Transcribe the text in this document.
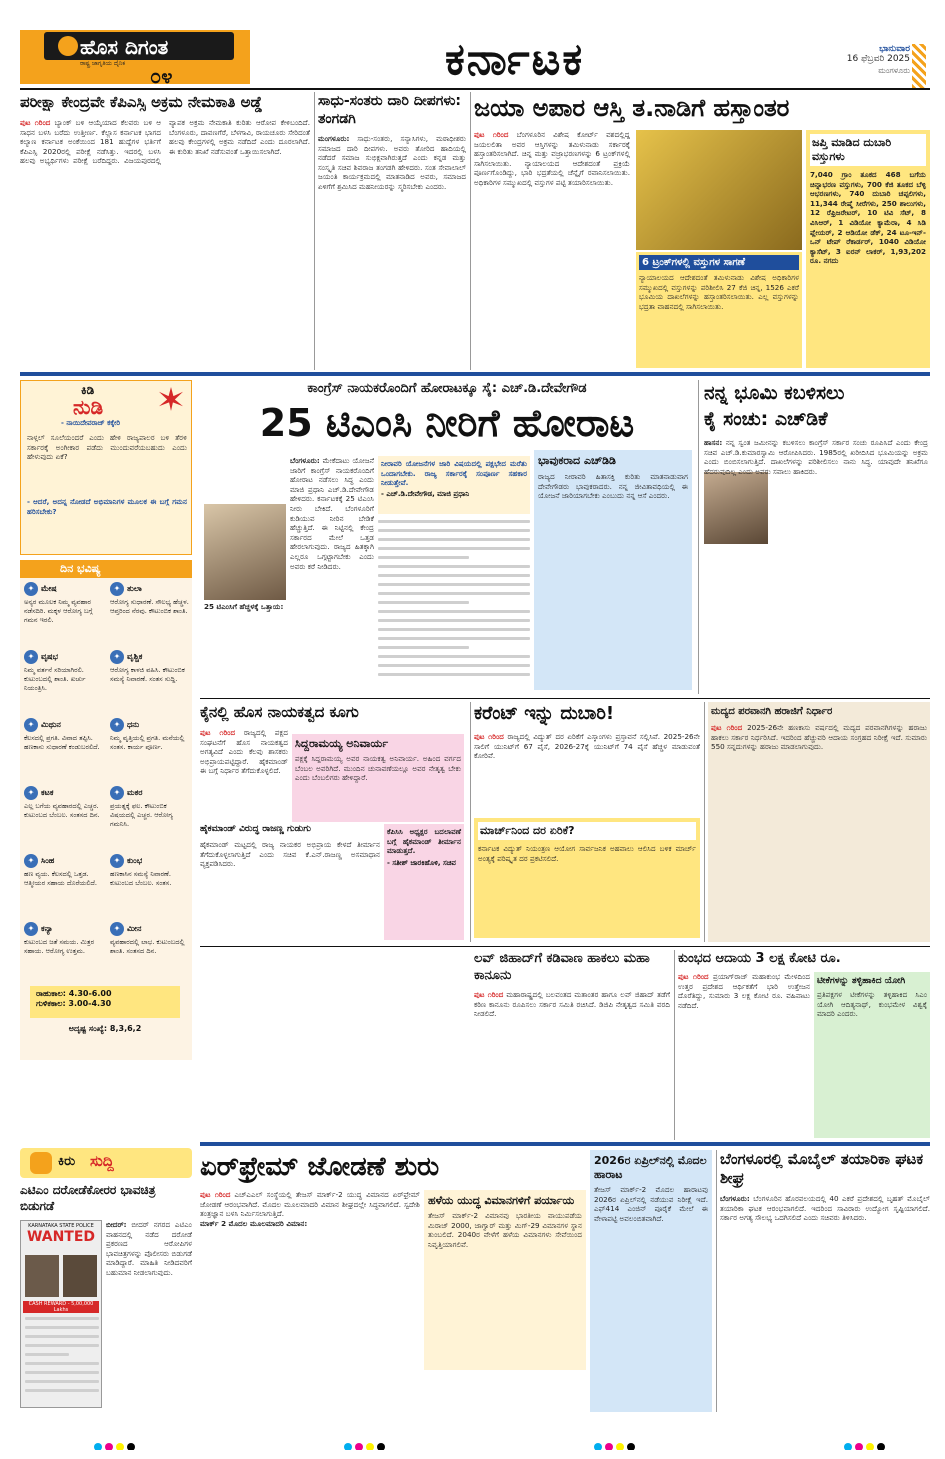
ಹೊಸ ದಿಗಂತ
ರಾಷ್ಟ್ರ ಜಾಗೃತಿಯ ದೈನಿಕ
೦೪	ಕರ್ನಾಟಕ	ಭಾನುವಾರ
16 ಫೆಬ್ರವರಿ 2025
ಮಂಗಳೂರು
ಪರೀಕ್ಷಾ ಕೇಂದ್ರವೇ ಕೆಪಿಎಸ್ಸಿ ಅಕ್ರಮ ನೇಮಕಾತಿ ಅಡ್ಡೆ
ಪುಟ ೧ರಿಂದ ಬ್ಯಾಂಕ್ ಬಳಿ ಆಯ್ಕೆಯಾದ ಕೆಲವರು ಬಳಿ ಆ ಸಾಧನ ಬಳಸಿ ಬರೆದು ಉತ್ತೀರ್ಣ. ಕೆಲ್ಲಾಸ ಕರ್ನಾಟಕ ಭಾಗದ ಕಲ್ಯಾಣ ಕರ್ನಾಟಕ ಅಂಕೆಯಿಂದ 181 ಹುದ್ದೆಗಳ ಭರ್ತಿಗೆ ಕೆಪಿಎಸ್ಸಿ 2020ರಲ್ಲಿ ಪರೀಕ್ಷೆ ನಡೆಸಿತ್ತು. ಇದರಲ್ಲಿ ಬಳಸಿ ಹಲವು ಅಭ್ಯರ್ಥಿಗಳು ಪರೀಕ್ಷೆ ಬರೆದಿದ್ದರು. ವಿಜಯಪುರದಲ್ಲಿ ವ್ಯಾಪಕ ಅಕ್ರಮ ನೇಮಕಾತಿ ಕುರಿತು ಆರೋಪ ಕೇಳಿಬಂದಿದೆ. ಬೆಂಗಳೂರು, ದಾವಣಗೆರೆ, ಬೆಳಗಾವಿ, ರಾಯಚೂರು ಸೇರಿದಂತೆ ಹಲವು ಕೇಂದ್ರಗಳಲ್ಲಿ ಅಕ್ರಮ ನಡೆದಿದೆ ಎಂದು ದೂರಲಾಗಿದೆ. ಈ ಕುರಿತು ತನಿಖೆ ನಡೆಸುವಂತೆ ಒತ್ತಾಯಿಸಲಾಗಿದೆ.
ಸಾಧು-ಸಂತರು ದಾರಿ ದೀಪಗಳು: ತಂಗಡಗಿ
ಮಂಗಳೂರು: ಸಾಧು-ಸಂತರು, ಸನ್ಯಾಸಿಗಳು, ಮಠಾಧೀಶರು ಸಮಾಜದ ದಾರಿ ದೀಪಗಳು. ಅವರು ತೋರಿದ ಹಾದಿಯಲ್ಲಿ ನಡೆದರೆ ಸಮಾಜ ಸುಭಿಕ್ಷವಾಗಿರುತ್ತದೆ ಎಂದು ಕನ್ನಡ ಮತ್ತು ಸಂಸ್ಕೃತಿ ಸಚಿವ ಶಿವರಾಜ ತಂಗಡಗಿ ಹೇಳಿದರು. ಸಂತ ಸೇವಾಲಾಲ್ ಜಯಂತಿ ಕಾರ್ಯಕ್ರಮದಲ್ಲಿ ಮಾತನಾಡಿದ ಅವರು, ಸಮಾಜದ ಏಳಿಗೆಗೆ ಶ್ರಮಿಸಿದ ಮಹನೀಯರನ್ನು ಸ್ಮರಿಸಬೇಕು ಎಂದರು.
ಜಯಾ ಅಪಾರ ಆಸ್ತಿ ತ.ನಾಡಿಗೆ ಹಸ್ತಾಂತರ
ಪುಟ ೧ರಿಂದ ಬೆಂಗಳೂರಿನ ವಿಶೇಷ ಕೋರ್ಟ್ ವಶದಲ್ಲಿದ್ದ ಜಯಲಲಿತಾ ಅವರ ಆಸ್ತಿಗಳನ್ನು ತಮಿಳುನಾಡು ಸರ್ಕಾರಕ್ಕೆ ಹಸ್ತಾಂತರಿಸಲಾಗಿದೆ. ಚಿನ್ನ ಮತ್ತು ವಜ್ರಾಭರಣಗಳನ್ನು 6 ಟ್ರಂಕ್‌ಗಳಲ್ಲಿ ಸಾಗಿಸಲಾಯಿತು. ನ್ಯಾಯಾಲಯದ ಆದೇಶದಂತೆ ಪ್ರಕ್ರಿಯೆ ಪೂರ್ಣಗೊಂಡಿದ್ದು, ಭಾರಿ ಭದ್ರತೆಯಲ್ಲಿ ಚೆನ್ನೈಗೆ ರವಾನಿಸಲಾಯಿತು. ಅಧಿಕಾರಿಗಳ ಸಮ್ಮುಖದಲ್ಲಿ ವಸ್ತುಗಳ ಪಟ್ಟಿ ತಯಾರಿಸಲಾಯಿತು.
6 ಟ್ರಂಕ್‌ಗಳಲ್ಲಿ ವಸ್ತುಗಳ ಸಾಗಣೆ
ನ್ಯಾಯಾಲಯದ ಆದೇಶದಂತೆ ತಮಿಳುನಾಡು ವಿಶೇಷ ಅಧಿಕಾರಿಗಳ ಸಮ್ಮುಖದಲ್ಲಿ ವಸ್ತುಗಳನ್ನು ಪರಿಶೀಲಿಸಿ 27 ಕೆಜಿ ಚಿನ್ನ, 1526 ಎಕರೆ ಭೂಮಿಯ ದಾಖಲೆಗಳನ್ನು ಹಸ್ತಾಂತರಿಸಲಾಯಿತು. ಎಲ್ಲ ವಸ್ತುಗಳನ್ನು ಭದ್ರತಾ ವಾಹನದಲ್ಲಿ ಸಾಗಿಸಲಾಯಿತು.
ಜಪ್ತಿ ಮಾಡಿದ ದುಬಾರಿ ವಸ್ತುಗಳು
7,040 ಗ್ರಾಂ ತೂಕದ 468 ಬಗೆಯ ಚಿನ್ನಾಭರಣ ವಸ್ತುಗಳು, 700 ಕೆಜಿ ತೂಕದ ಬೆಳ್ಳಿ ಆಭರಣಗಳು, 740 ದುಬಾರಿ ಚಪ್ಪಲಿಗಳು, 11,344 ರೇಷ್ಮೆ ಸೀರೆಗಳು, 250 ಶಾಲುಗಳು, 12 ರೆಫ್ರಿಜರೇಟರ್, 10 ಟಿವಿ ಸೆಟ್, 8 ವಿಸಿಆರ್, 1 ವಿಡಿಯೋ ಕ್ಯಾಮೆರಾ, 4 ಸಿಡಿ ಪ್ಲೇಯರ್, 2 ಆಡಿಯೋ ಡೆಕ್, 24 ಟೂ-ಇನ್-ಒನ್ ಟೇಪ್ ರೆಕಾರ್ಡರ್, 1040 ವಿಡಿಯೋ ಕ್ಯಾಸೆಟ್, 3 ಐರನ್ ಲಾಕರ್, 1,93,202 ರೂ. ನಗದು
ಕಿಡಿ
ನುಡಿ
- ನಾಯಿದೇವರಾಜ್ ಕಕ್ಕೇರಿ
ನಾಳ್ಗಲ್ ಸೂಲೆಯಂದರೆ ಎಂದು ಹೇಳಿ ರಾಜ್ಯಪಾಲರ ಬಳಿ ತೆರಳಿ ಸರ್ಕಾರಕ್ಕೆ ಅಂಗೀಕಾರ ಪಡೆದು ಮುಂದುವರೆಯಬಹುದು ಎಂದು ಹೇಳುವುದು ಏಕೆ?
- ಆದರೆ, ಅದನ್ನ ನೋಡದೆ ಅಭಿಮಾನಿಗಳ ಮೂಲಕ ಈ ಬಗ್ಗೆ ಗಮನ ಹರಿಸಬೇಕು?
ದಿನ ಭವಿಷ್ಯ
✦ ಮೇಷ
ಅನ್ಯರ ಮೂಲಕ ನಿಮ್ಮ ವ್ಯವಹಾರ ನಡೆಸದಿರಿ. ಮಕ್ಕಳ ಆರೋಗ್ಯ ಬಗ್ಗೆ ಗಮನ ಇರಲಿ.
✦ ತುಲಾ
ಆರೋಗ್ಯ ಸುಧಾರಣೆ. ಸೌಲಭ್ಯ ಹೆಚ್ಚಳ. ಆಪ್ತರಿಂದ ನೆರವು. ಕೌಟುಂಬಿಕ ಶಾಂತಿ.
✦ ವೃಷಭ
ನಿಮ್ಮ ವರ್ತನೆ ಸರಿಯಾಗಿರಲಿ. ಕುಟುಂಬದಲ್ಲಿ ಶಾಂತಿ. ಖರ್ಚು ನಿಯಂತ್ರಿಸಿ.
✦ ವೃಶ್ಚಿಕ
ಆರೋಗ್ಯ ಕಾಳಜಿ ವಹಿಸಿ. ಕೌಟುಂಬಿಕ ಸಮಸ್ಯೆ ನಿವಾರಣೆ. ಸಂತಸ ಸುದ್ದಿ.
✦ ಮಿಥುನ
ಕೆಲಸದಲ್ಲಿ ಪ್ರಗತಿ. ವಿವಾದ ತಪ್ಪಿಸಿ. ಹಣಕಾಸು ಸುಧಾರಣೆ ಕಂಡುಬರಲಿದೆ.
✦ ಧನು
ನಿಮ್ಮ ವೃತ್ತಿಯಲ್ಲಿ ಪ್ರಗತಿ. ಮನೆಯಲ್ಲಿ ಸಂತಸ. ಕಾರ್ಯ ಪೂರ್ಣ.
✦ ಕಟಕ
ಎಲ್ಲ ಬಗೆಯ ವ್ಯವಹಾರದಲ್ಲಿ ಎಚ್ಚರ. ಕುಟುಂಬದ ಬೆಂಬಲ. ಸಂತಸದ ದಿನ.
✦ ಮಕರ
ಪ್ರಯತ್ನಕ್ಕೆ ಫಲ. ಕೌಟುಂಬಿಕ ವಿಷಯದಲ್ಲಿ ಎಚ್ಚರ. ಆರೋಗ್ಯ ಗಮನಿಸಿ.
✦ ಸಿಂಹ
ಹಣ ವ್ಯಯ. ಕೆಲಸದಲ್ಲಿ ಒತ್ತಡ. ಆತ್ಮೀಯರ ಸಹಾಯ ದೊರೆಯಲಿದೆ.
✦ ಕುಂಭ
ಹಣಕಾಸಿನ ಸಮಸ್ಯೆ ನಿವಾರಣೆ. ಕುಟುಂಬದ ಬೆಂಬಲ. ಸಂತಸ.
✦ ಕನ್ಯಾ
ಕುಟುಂಬದ ಜತೆ ಸಮಯ. ಮಿತ್ರರ ಸಹಾಯ. ಆರೋಗ್ಯ ಉತ್ತಮ.
✦ ಮೀನ
ವ್ಯವಹಾರದಲ್ಲಿ ಲಾಭ. ಕುಟುಂಬದಲ್ಲಿ ಶಾಂತಿ. ಸಂತಸದ ದಿನ.
ರಾಹುಕಾಲ: 4.30-6.00
ಗುಳಿಕಕಾಲ: 3.00-4.30
ಅದೃಷ್ಟ ಸಂಖ್ಯೆ: 8,3,6,2
ಕಾಂಗ್ರೆಸ್ ನಾಯಕರೊಂದಿಗೆ ಹೋರಾಟಕ್ಕೂ ಸೈ: ಎಚ್.ಡಿ.ದೇವೇಗೌಡ
25 ಟಿಎಂಸಿ ನೀರಿಗೆ ಹೋರಾಟ
ಬೆಂಗಳೂರು: ಮೇಕೆದಾಟು ಯೋಜನೆ ಜಾರಿಗೆ ಕಾಂಗ್ರೆಸ್ ನಾಯಕರೊಂದಿಗೆ ಹೋರಾಟ ನಡೆಸಲು ಸಿದ್ಧ ಎಂದು ಮಾಜಿ ಪ್ರಧಾನಿ ಎಚ್.ಡಿ.ದೇವೇಗೌಡ ಹೇಳಿದರು. ಕರ್ನಾಟಕಕ್ಕೆ 25 ಟಿಎಂಸಿ ನೀರು ಬೇಕಿದೆ. ಬೆಂಗಳೂರಿಗೆ ಕುಡಿಯುವ ನೀರಿನ ಬೇಡಿಕೆ ಹೆಚ್ಚುತ್ತಿದೆ. ಈ ನಿಟ್ಟಿನಲ್ಲಿ ಕೇಂದ್ರ ಸರ್ಕಾರದ ಮೇಲೆ ಒತ್ತಡ ಹೇರಲಾಗುವುದು. ರಾಜ್ಯದ ಹಿತಕ್ಕಾಗಿ ಎಲ್ಲರೂ ಒಗ್ಗಟ್ಟಾಗಬೇಕು ಎಂದು ಅವರು ಕರೆ ನೀಡಿದರು.
25 ಟಿಎಂಸಿಗೆ ಹೆಚ್ಚಳಕ್ಕೆ ಒತ್ತಾಯ:
ನೀರಾವರಿ ಯೋಜನೆಗಳ ಜಾರಿ ವಿಷಯದಲ್ಲಿ ಪಕ್ಷಭೇದ ಮರೆತು ಒಂದಾಗಬೇಕು. ರಾಜ್ಯ ಸರ್ಕಾರಕ್ಕೆ ಸಂಪೂರ್ಣ ಸಹಕಾರ ನೀಡುತ್ತೇವೆ.
- ಎಚ್.ಡಿ.ದೇವೇಗೌಡ, ಮಾಜಿ ಪ್ರಧಾನಿ
ಭಾವುಕರಾದ ಎಚ್‌ಡಿಡಿ
ರಾಜ್ಯದ ನೀರಾವರಿ ಹಿತಾಸಕ್ತಿ ಕುರಿತು ಮಾತನಾಡುವಾಗ ದೇವೇಗೌಡರು ಭಾವುಕರಾದರು. ನನ್ನ ಜೀವಿತಾವಧಿಯಲ್ಲಿ ಈ ಯೋಜನೆ ಜಾರಿಯಾಗಬೇಕು ಎಂಬುದು ನನ್ನ ಆಸೆ ಎಂದರು.
ನನ್ನ ಭೂಮಿ ಕಬಳಿಸಲು
ಕೈ ಸಂಚು: ಎಚ್‌ಡಿಕೆ
ಹಾಸನ: ನನ್ನ ಸ್ವಂತ ಜಮೀನನ್ನು ಕಬಳಿಸಲು ಕಾಂಗ್ರೆಸ್ ಸರ್ಕಾರ ಸಂಚು ರೂಪಿಸಿದೆ ಎಂದು ಕೇಂದ್ರ ಸಚಿವ ಎಚ್.ಡಿ.ಕುಮಾರಸ್ವಾಮಿ ಆರೋಪಿಸಿದರು. 1985ರಲ್ಲಿ ಖರೀದಿಸಿದ ಭೂಮಿಯನ್ನು ಅಕ್ರಮ ಎಂದು ಬಿಂಬಿಸಲಾಗುತ್ತಿದೆ. ದಾಖಲೆಗಳನ್ನು ಪರಿಶೀಲಿಸಲು ನಾನು ಸಿದ್ಧ. ಯಾವುದೇ ತನಿಖೆಗೂ ಹೆದರುವುದಿಲ್ಲ ಎಂದು ಅವರು ಸವಾಲು ಹಾಕಿದರು.
ಕೈನಲ್ಲಿ ಹೊಸ ನಾಯಕತ್ವದ ಕೂಗು
ಪುಟ ೧ರಿಂದ ರಾಜ್ಯದಲ್ಲಿ ಪಕ್ಷದ ಸಂಘಟನೆಗೆ ಹೊಸ ನಾಯಕತ್ವದ ಅಗತ್ಯವಿದೆ ಎಂದು ಕೆಲವು ಶಾಸಕರು ಅಭಿಪ್ರಾಯಪಟ್ಟಿದ್ದಾರೆ. ಹೈಕಮಾಂಡ್ ಈ ಬಗ್ಗೆ ನಿರ್ಧಾರ ತೆಗೆದುಕೊಳ್ಳಲಿದೆ.
ಸಿದ್ದರಾಮಯ್ಯ ಅನಿವಾರ್ಯ
ಪಕ್ಷಕ್ಕೆ ಸಿದ್ದರಾಮಯ್ಯ ಅವರ ನಾಯಕತ್ವ ಅನಿವಾರ್ಯ. ಅಹಿಂದ ವರ್ಗದ ಬೆಂಬಲ ಅವರಿಗಿದೆ. ಮುಂದಿನ ಚುನಾವಣೆಯಲ್ಲೂ ಅವರ ನೇತೃತ್ವ ಬೇಕು ಎಂದು ಬೆಂಬಲಿಗರು ಹೇಳಿದ್ದಾರೆ.
ಹೈಕಮಾಂಡ್ ವಿರುದ್ಧ ರಾಜಣ್ಣ ಗುಡುಗು
ಹೈಕಮಾಂಡ್ ಮಟ್ಟದಲ್ಲಿ ರಾಜ್ಯ ನಾಯಕರ ಅಭಿಪ್ರಾಯ ಕೇಳದೆ ತೀರ್ಮಾನ ತೆಗೆದುಕೊಳ್ಳಲಾಗುತ್ತಿದೆ ಎಂದು ಸಚಿವ ಕೆ.ಎನ್.ರಾಜಣ್ಣ ಅಸಮಾಧಾನ ವ್ಯಕ್ತಪಡಿಸಿದರು.
ಕೆಪಿಸಿಸಿ ಅಧ್ಯಕ್ಷರ ಬದಲಾವಣೆ ಬಗ್ಗೆ ಹೈಕಮಾಂಡ್ ತೀರ್ಮಾನ ಮಾಡುತ್ತದೆ.
- ಸತೀಶ್ ಜಾರಕಿಹೊಳಿ, ಸಚಿವ
ಕರೆಂಟ್ ಇನ್ನು ದುಬಾರಿ!
ಪುಟ ೧ರಿಂದ ರಾಜ್ಯದಲ್ಲಿ ವಿದ್ಯುತ್ ದರ ಏರಿಕೆಗೆ ಎಸ್ಕಾಂಗಳು ಪ್ರಸ್ತಾವನೆ ಸಲ್ಲಿಸಿವೆ. 2025-26ನೇ ಸಾಲಿಗೆ ಯುನಿಟ್‌ಗೆ 67 ಪೈಸೆ, 2026-27ಕ್ಕೆ ಯುನಿಟ್‌ಗೆ 74 ಪೈಸೆ ಹೆಚ್ಚಳ ಮಾಡುವಂತೆ ಕೋರಿವೆ.
ಮಾರ್ಚ್‌ನಿಂದ ದರ ಏರಿಕೆ?
ಕರ್ನಾಟಕ ವಿದ್ಯುತ್ ನಿಯಂತ್ರಣ ಆಯೋಗ ಸಾರ್ವಜನಿಕ ಅಹವಾಲು ಆಲಿಸಿದ ಬಳಿಕ ಮಾರ್ಚ್ ಅಂತ್ಯಕ್ಕೆ ಪರಿಷ್ಕೃತ ದರ ಪ್ರಕಟಿಸಲಿದೆ.
ಮದ್ಯದ ಪರವಾನಗಿ ಹರಾಜಿಗೆ ನಿರ್ಧಾರ
ಪುಟ ೧ರಿಂದ 2025-26ನೇ ಹಣಕಾಸು ವರ್ಷದಲ್ಲಿ ಮದ್ಯದ ಪರವಾನಗಿಗಳನ್ನು ಹರಾಜು ಹಾಕಲು ಸರ್ಕಾರ ನಿರ್ಧರಿಸಿದೆ. ಇದರಿಂದ ಹೆಚ್ಚುವರಿ ಆದಾಯ ಸಂಗ್ರಹದ ನಿರೀಕ್ಷೆ ಇದೆ. ಸುಮಾರು 550 ಸನ್ನದುಗಳನ್ನು ಹರಾಜು ಮಾಡಲಾಗುವುದು.
ಲವ್ ಜಿಹಾದ್‌ಗೆ ಕಡಿವಾಣ ಹಾಕಲು ಮಹಾ ಕಾನೂನು
ಪುಟ ೧ರಿಂದ ಮಹಾರಾಷ್ಟ್ರದಲ್ಲಿ ಬಲವಂತದ ಮತಾಂತರ ಹಾಗೂ ಲವ್ ಜಿಹಾದ್ ತಡೆಗೆ ಕಠಿಣ ಕಾನೂನು ರೂಪಿಸಲು ಸರ್ಕಾರ ಸಮಿತಿ ರಚಿಸಿದೆ. ಡಿಜಿಪಿ ನೇತೃತ್ವದ ಸಮಿತಿ ವರದಿ ನೀಡಲಿದೆ.
ಕುಂಭದ ಆದಾಯ 3 ಲಕ್ಷ ಕೋಟಿ ರೂ.
ಪುಟ ೧ರಿಂದ ಪ್ರಯಾಗ್‌ರಾಜ್ ಮಹಾಕುಂಭ ಮೇಳದಿಂದ ಉತ್ತರ ಪ್ರದೇಶದ ಆರ್ಥಿಕತೆಗೆ ಭಾರಿ ಉತ್ತೇಜನ ದೊರೆತಿದ್ದು, ಸುಮಾರು 3 ಲಕ್ಷ ಕೋಟಿ ರೂ. ವಹಿವಾಟು ನಡೆದಿದೆ.
ಟೀಕೆಗಳನ್ನು ತಳ್ಳಿಹಾಕಿದ ಯೋಗಿ
ಪ್ರತಿಪಕ್ಷಗಳ ಟೀಕೆಗಳನ್ನು ತಳ್ಳಿಹಾಕಿದ ಸಿಎಂ ಯೋಗಿ ಆದಿತ್ಯನಾಥ್, ಕುಂಭಮೇಳ ವಿಶ್ವಕ್ಕೆ ಮಾದರಿ ಎಂದರು.
ಕಿರು ಸುದ್ದಿ
ಎಟಿಎಂ ದರೋಡೆಕೋರರ ಭಾವಚಿತ್ರ ಬಿಡುಗಡೆ
KARNATAKA STATE POLICE
WANTED
CASH REWARD - 5,00,000 Lakhs
ಬೀದರ್: ಬೀದರ್ ನಗರದ ಎಟಿಎಂ ವಾಹನದಲ್ಲಿ ನಡೆದ ದರೋಡೆ ಪ್ರಕರಣದ ಆರೋಪಿಗಳ ಭಾವಚಿತ್ರಗಳನ್ನು ಪೊಲೀಸರು ಬಿಡುಗಡೆ ಮಾಡಿದ್ದಾರೆ. ಮಾಹಿತಿ ನೀಡಿದವರಿಗೆ ಬಹುಮಾನ ನೀಡಲಾಗುವುದು.
ಏರ್‌ಫ್ರೇಮ್ ಜೋಡಣೆ ಶುರು
ಪುಟ ೧ರಿಂದ ಎಚ್‌ಎಎಲ್ ಸಂಸ್ಥೆಯಲ್ಲಿ ತೇಜಸ್ ಮಾರ್ಕ್-2 ಯುದ್ಧ ವಿಮಾನದ ಏರ್‌ಫ್ರೇಮ್ ಜೋಡಣೆ ಆರಂಭವಾಗಿದೆ. ಮೊದಲ ಮೂಲಮಾದರಿ ವಿಮಾನ ಶೀಘ್ರದಲ್ಲೇ ಸಿದ್ಧವಾಗಲಿದೆ. ಸ್ವದೇಶಿ ತಂತ್ರಜ್ಞಾನ ಬಳಸಿ ನಿರ್ಮಿಸಲಾಗುತ್ತಿದೆ.
ಮಾರ್ಕ್‌ 2 ಮೊದಲ ಮೂಲಮಾದರಿ ವಿಮಾನ:
ಹಳೆಯ ಯುದ್ಧ ವಿಮಾನಗಳಿಗೆ ಪರ್ಯಾಯ
ತೇಜಸ್ ಮಾರ್ಕ್-2 ವಿಮಾನವು ಭಾರತೀಯ ವಾಯುಪಡೆಯ ಮಿರಾಜ್ 2000, ಜಾಗ್ವಾರ್ ಮತ್ತು ಮಿಗ್-29 ವಿಮಾನಗಳ ಸ್ಥಾನ ತುಂಬಲಿದೆ. 2040ರ ವೇಳೆಗೆ ಹಳೆಯ ವಿಮಾನಗಳು ಸೇವೆಯಿಂದ ನಿವೃತ್ತಿಯಾಗಲಿವೆ.
2026ರ ಏಪ್ರಿಲ್‌ನಲ್ಲಿ ಮೊದಲ ಹಾರಾಟ
ತೇಜಸ್ ಮಾರ್ಕ್-2 ಮೊದಲ ಹಾರಾಟವು 2026ರ ಏಪ್ರಿಲ್‌ನಲ್ಲಿ ನಡೆಯುವ ನಿರೀಕ್ಷೆ ಇದೆ. ಎಫ್414 ಎಂಜಿನ್ ಪೂರೈಕೆ ಮೇಲೆ ಈ ವೇಳಾಪಟ್ಟಿ ಅವಲಂಬಿತವಾಗಿದೆ.
ಬೆಂಗಳೂರಲ್ಲಿ ಮೊಬೈಲ್ ತಯಾರಿಕಾ ಘಟಕ ಶೀಘ್ರ
ಬೆಂಗಳೂರು: ಬೆಂಗಳೂರಿನ ಹೊರವಲಯದಲ್ಲಿ 40 ಎಕರೆ ಪ್ರದೇಶದಲ್ಲಿ ಬೃಹತ್ ಮೊಬೈಲ್ ತಯಾರಿಕಾ ಘಟಕ ಆರಂಭವಾಗಲಿದೆ. ಇದರಿಂದ ಸಾವಿರಾರು ಉದ್ಯೋಗ ಸೃಷ್ಟಿಯಾಗಲಿದೆ. ಸರ್ಕಾರ ಅಗತ್ಯ ಸೌಲಭ್ಯ ಒದಗಿಸಲಿದೆ ಎಂದು ಸಚಿವರು ತಿಳಿಸಿದರು.
